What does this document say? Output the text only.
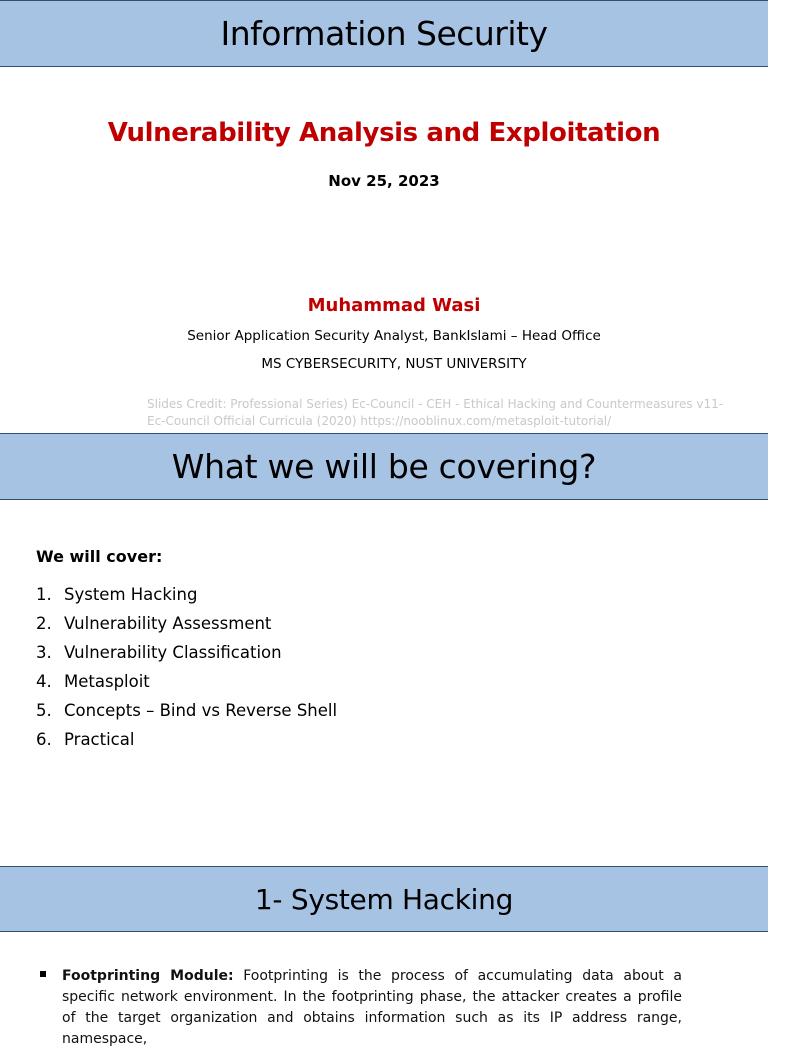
Information Security
Vulnerability Analysis and Exploitation
Nov 25, 2023
Muhammad Wasi
Senior Application Security Analyst, BankIslami – Head Office
MS CYBERSECURITY, NUST UNIVERSITY
Slides Credit: Professional Series) Ec-Council - CEH - Ethical Hacking and Countermeasures v11-
Ec-Council Official Curricula (2020) https://nooblinux.com/metasploit-tutorial/
What we will be covering?
We will cover:
1. System Hacking
2. Vulnerability Assessment
3. Vulnerability Classification
4. Metasploit
5. Concepts – Bind vs Reverse Shell
6. Practical
1- System Hacking
Footprinting Module: Footprinting is the process of accumulating data about a specific network environment. In the footprinting phase, the attacker creates a profile of the target organization and obtains information such as its IP address range, namespace,
